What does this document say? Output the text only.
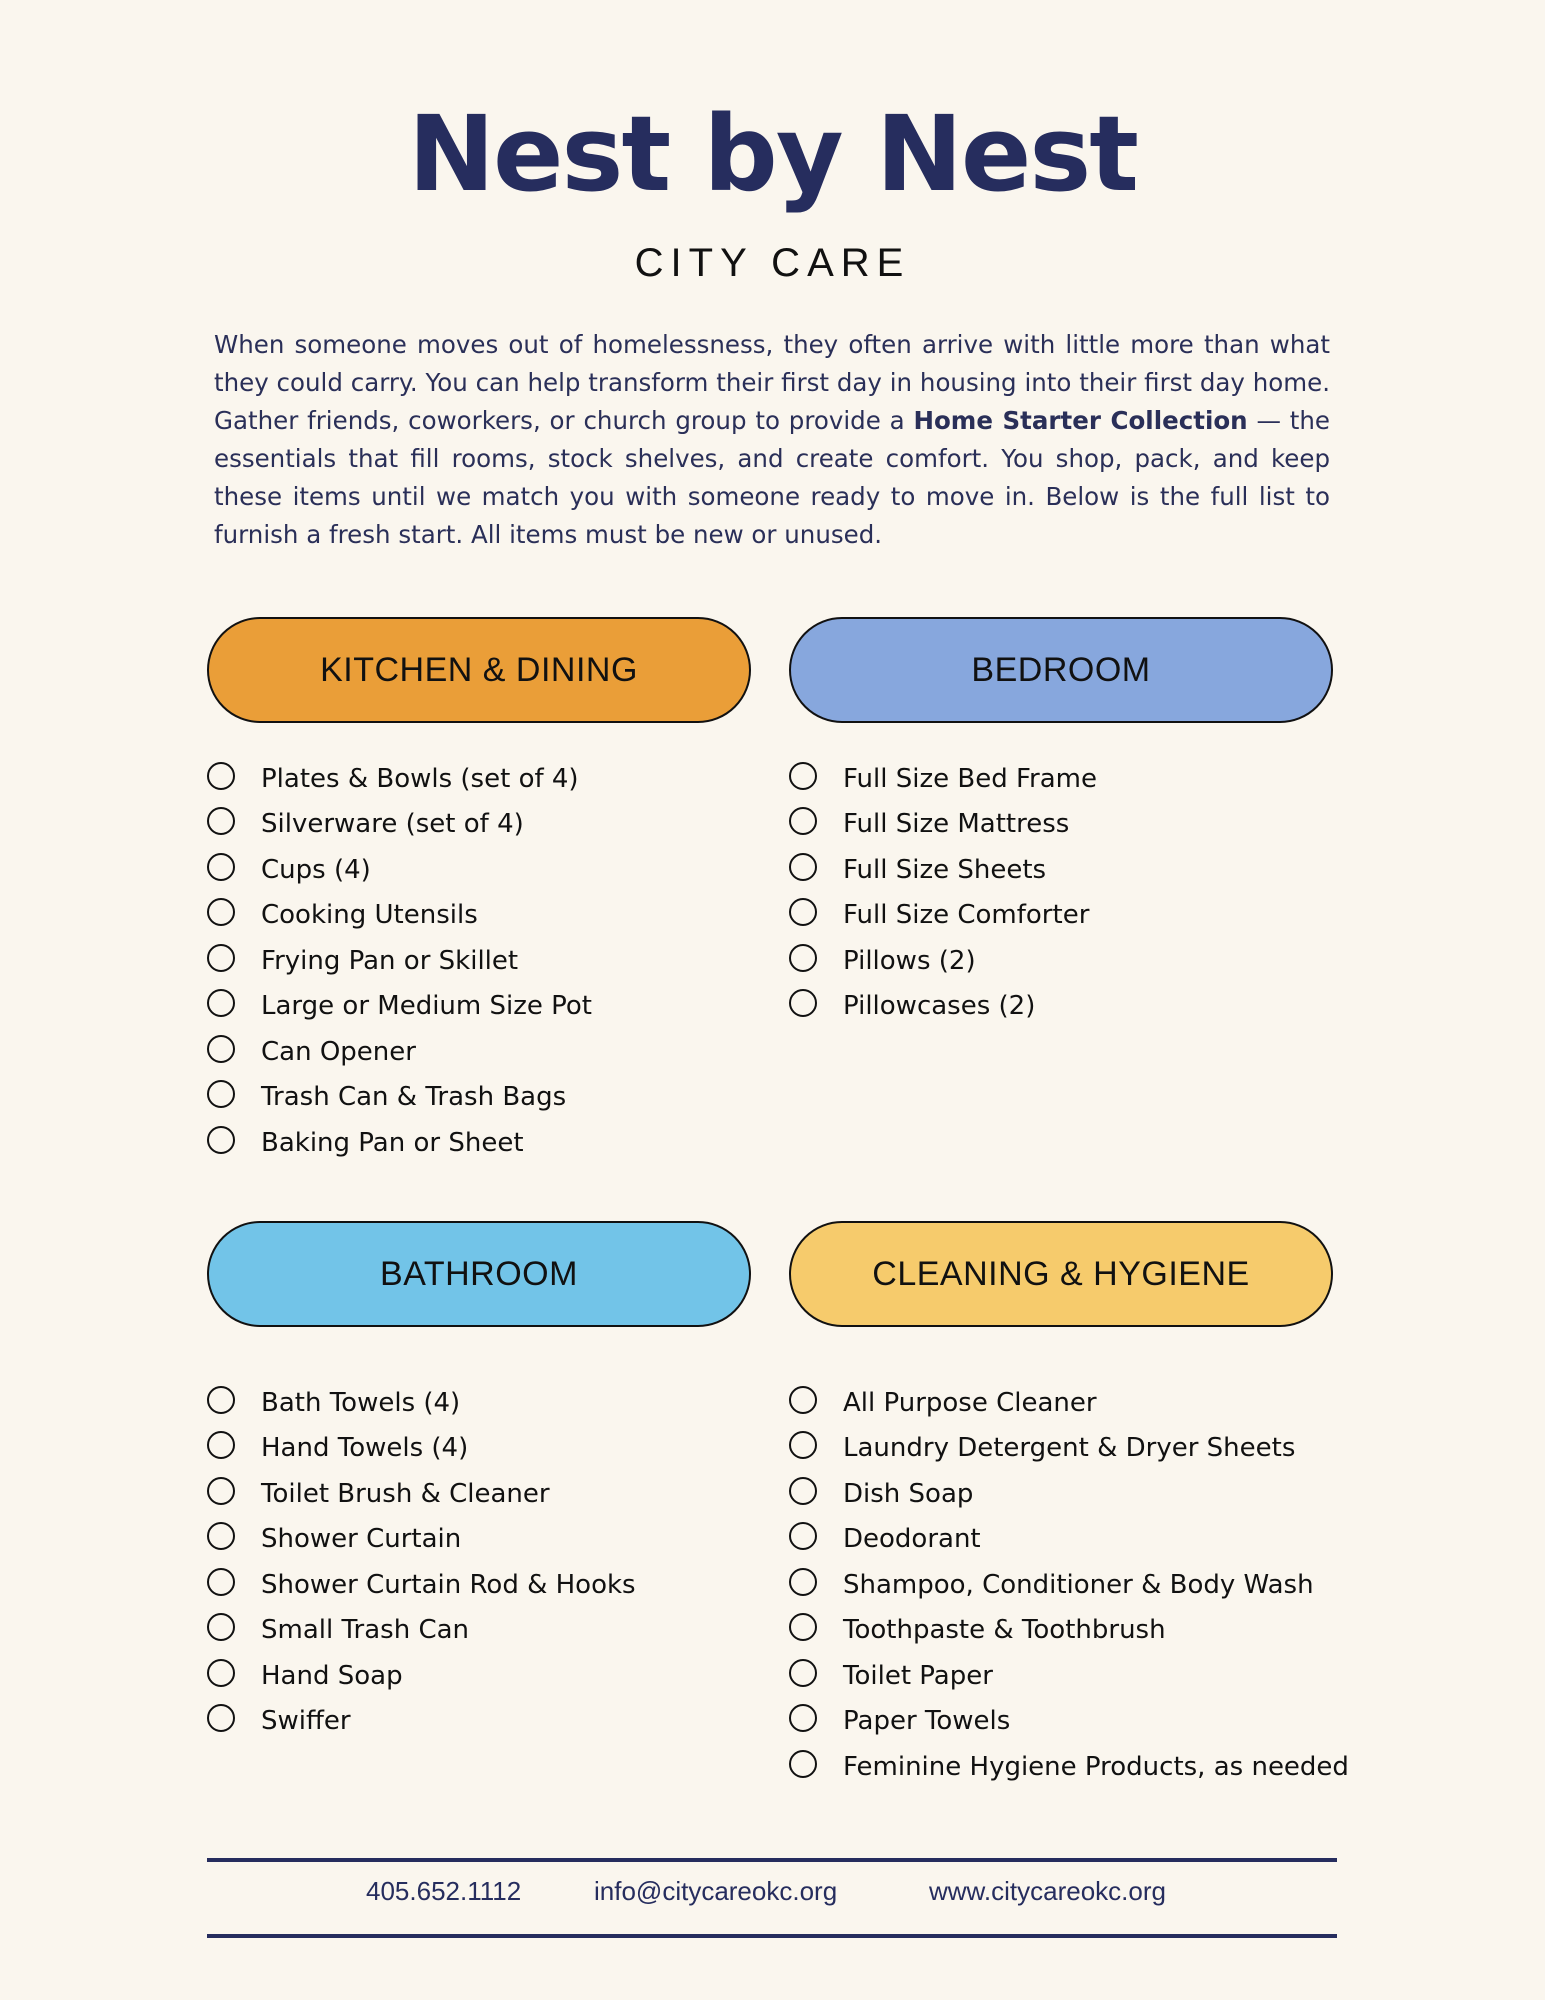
Nest by Nest
CITY CARE
When someone moves out of homelessness, they often arrive with little more than what they could carry. You can help transform their first day in housing into their first day home. Gather friends, coworkers, or church group to provide a Home Starter Collection — the essentials that fill rooms, stock shelves, and create comfort. You shop, pack, and keep these items until we match you with someone ready to move in. Below is the full list to furnish a fresh start. All items must be new or unused.
KITCHEN & DINING	BEDROOM
BATHROOM	CLEANING & HYGIENE
Plates & Bowls (set of 4)
Silverware (set of 4)
Cups (4)
Cooking Utensils
Frying Pan or Skillet
Large or Medium Size Pot
Can Opener
Trash Can & Trash Bags
Baking Pan or Sheet
Full Size Bed Frame
Full Size Mattress
Full Size Sheets
Full Size Comforter
Pillows (2)
Pillowcases (2)
Bath Towels (4)
Hand Towels (4)
Toilet Brush & Cleaner
Shower Curtain
Shower Curtain Rod & Hooks
Small Trash Can
Hand Soap
Swiffer
All Purpose Cleaner
Laundry Detergent & Dryer Sheets
Dish Soap
Deodorant
Shampoo, Conditioner & Body Wash
Toothpaste & Toothbrush
Toilet Paper
Paper Towels
Feminine Hygiene Products, as needed
405.652.1112	info@citycareokc.org	www.citycareokc.org
